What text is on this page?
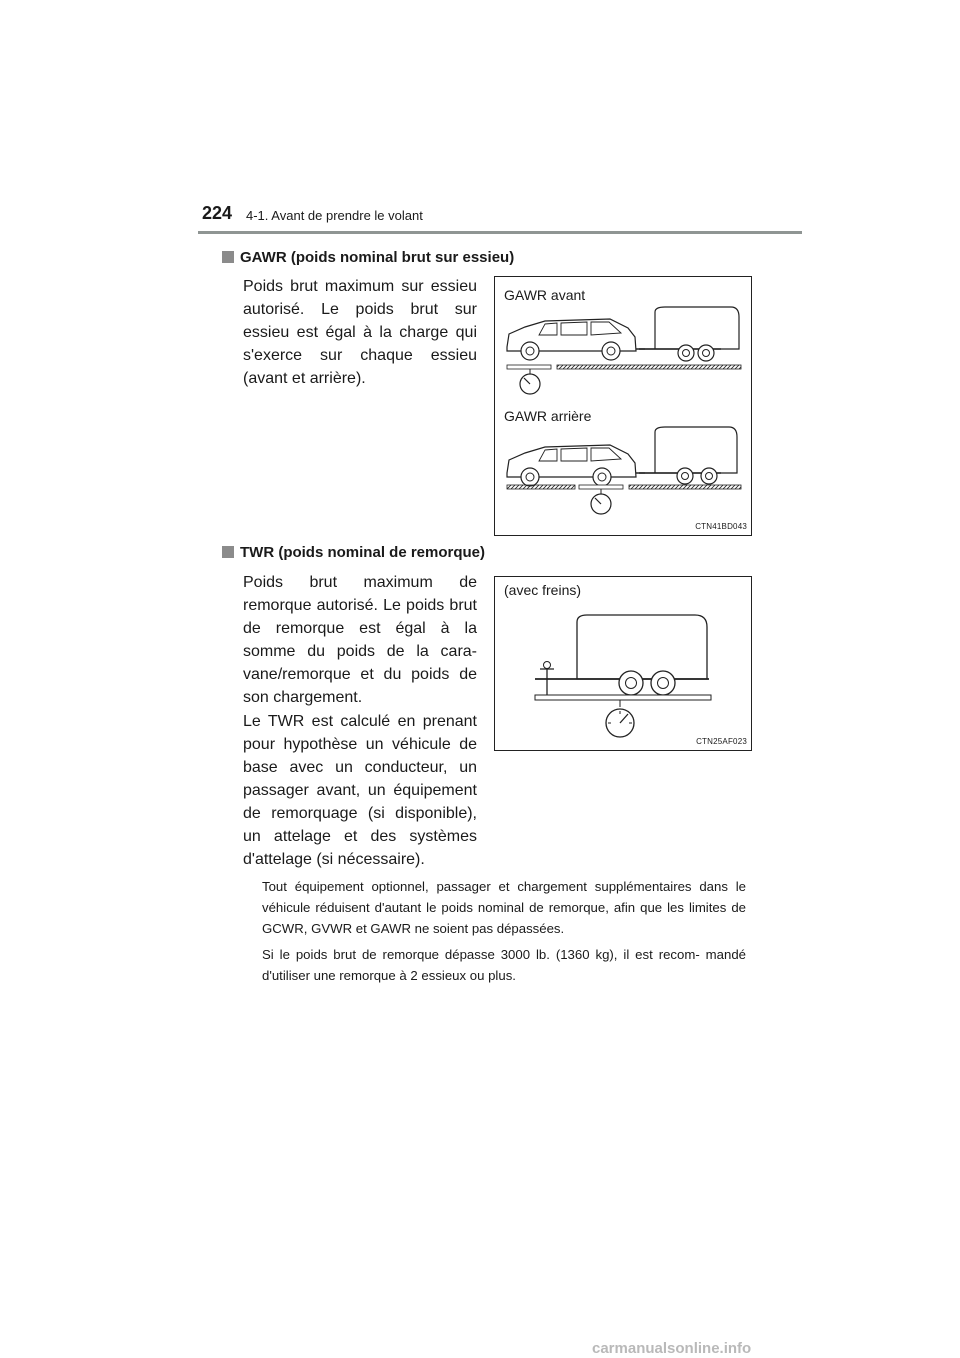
224 4-1. Avant de prendre le volant
GAWR (poids nominal brut sur essieu)
Poids brut maximum sur essieu autorisé. Le poids brut sur essieu est égal à la charge qui s'exerce sur chaque essieu (avant et arrière).
GAWR avant
GAWR arrière
CTN41BD043
TWR (poids nominal de remorque)
Poids brut maximum de remorque autorisé. Le poids brut de remorque est égal à la somme du poids de la cara- vane/remorque et du poids de son chargement.
Le TWR est calculé en prenant pour hypothèse un véhicule de base avec un conducteur, un passager avant, un équipement de remorquage (si disponible), un attelage et des systèmes d'attelage (si nécessaire).
(avec freins)
CTN25AF023
Tout équipement optionnel, passager et chargement supplémentaires dans le véhicule réduisent d'autant le poids nominal de remorque, afin que les limites de GCWR, GVWR et GAWR ne soient pas dépassées.
Si le poids brut de remorque dépasse 3000 lb. (1360 kg), il est recom- mandé d'utiliser une remorque à 2 essieux ou plus.
carmanualsonline.info
